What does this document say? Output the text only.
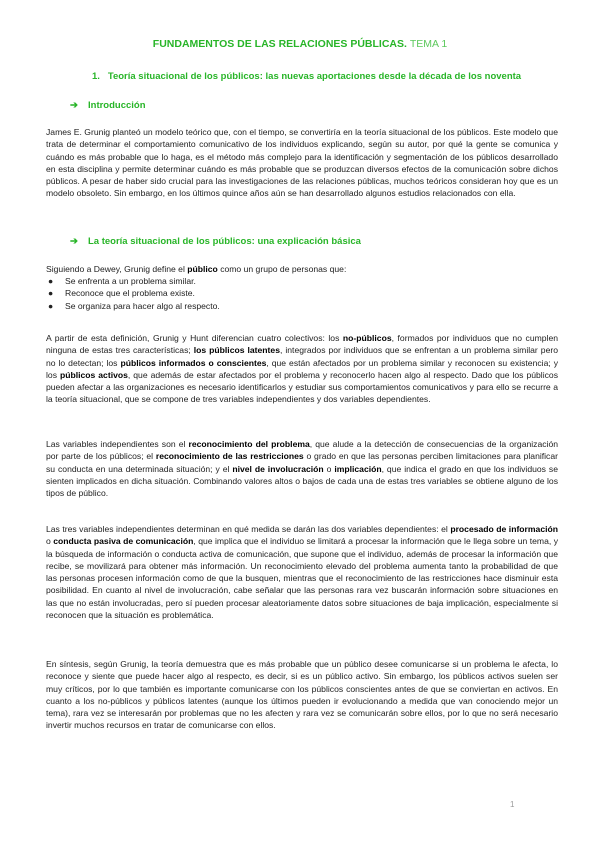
FUNDAMENTOS DE LAS RELACIONES PÚBLICAS. TEMA 1
1. Teoría situacional de los públicos: las nuevas aportaciones desde la década de los noventa
➔ Introducción

James E. Grunig planteó un modelo teórico que, con el tiempo, se convertiría en la teoría situacional de los públicos. Este modelo que trata de determinar el comportamiento comunicativo de los individuos explicando, según su autor, por qué la gente se comunica y cuándo es más probable que lo haga, es el método más complejo para la identificación y segmentación de los públicos desarrollado en esta disciplina y permite determinar cuándo es más probable que se produzcan diversos efectos de la comunicación sobre dichos públicos. A pesar de haber sido crucial para las investigaciones de las relaciones públicas, muchos teóricos consideran hoy que es un modelo obsoleto. Sin embargo, en los últimos quince años aún se han desarrollado algunos estudios relacionados con ella.

➔ La teoría situacional de los públicos: una explicación básica

Siguiendo a Dewey, Grunig define el público como un grupo de personas que:

● Se enfrenta a un problema similar.
● Reconoce que el problema existe.
● Se organiza para hacer algo al respecto.

A partir de esta definición, Grunig y Hunt diferencian cuatro colectivos: los no-públicos, formados por individuos que no cumplen ninguna de estas tres características; los públicos latentes, integrados por individuos que se enfrentan a un problema similar pero no lo detectan; los públicos informados o conscientes, que están afectados por un problema similar y reconocen su existencia; y los públicos activos, que además de estar afectados por el problema y reconocerlo hacen algo al respecto. Dado que los públicos pueden afectar a las organizaciones es necesario identificarlos y estudiar sus comportamientos comunicativos y para ello se recurre a la teoría situacional, que se compone de tres variables independientes y dos variables dependientes.

Las variables independientes son el reconocimiento del problema, que alude a la detección de consecuencias de la organización por parte de los públicos; el reconocimiento de las restricciones o grado en que las personas perciben limitaciones para planificar su conducta en una determinada situación; y el nivel de involucración o implicación, que indica el grado en que los individuos se sienten implicados en dicha situación. Combinando valores altos o bajos de cada una de estas tres variables se obtiene alguno de los tipos de público.

Las tres variables independientes determinan en qué medida se darán las dos variables dependientes: el procesado de información o conducta pasiva de comunicación, que implica que el individuo se limitará a procesar la información que le llega sobre un tema, y la búsqueda de información o conducta activa de comunicación, que supone que el individuo, además de procesar la información que recibe, se movilizará para obtener más información. Un reconocimiento elevado del problema aumenta tanto la probabilidad de que las personas procesen información como de que la busquen, mientras que el reconocimiento de las restricciones hace disminuir esta posibilidad. En cuanto al nivel de involucración, cabe señalar que las personas rara vez buscarán información sobre situaciones en las que no están involucradas, pero sí pueden procesar aleatoriamente datos sobre situaciones de baja implicación, especialmente si reconocen que la situación es problemática.

En síntesis, según Grunig, la teoría demuestra que es más probable que un público desee comunicarse si un problema le afecta, lo reconoce y siente que puede hacer algo al respecto, es decir, si es un público activo. Sin embargo, los públicos activos suelen ser muy críticos, por lo que también es importante comunicarse con los públicos conscientes antes de que se conviertan en activos. En cuanto a los no-públicos y públicos latentes (aunque los últimos pueden ir evolucionando a medida que van conociendo mejor un tema), rara vez se interesarán por problemas que no les afecten y rara vez se comunicarán sobre ellos, por lo que no será necesario invertir muchos recursos en tratar de comunicarse con ellos.

1
